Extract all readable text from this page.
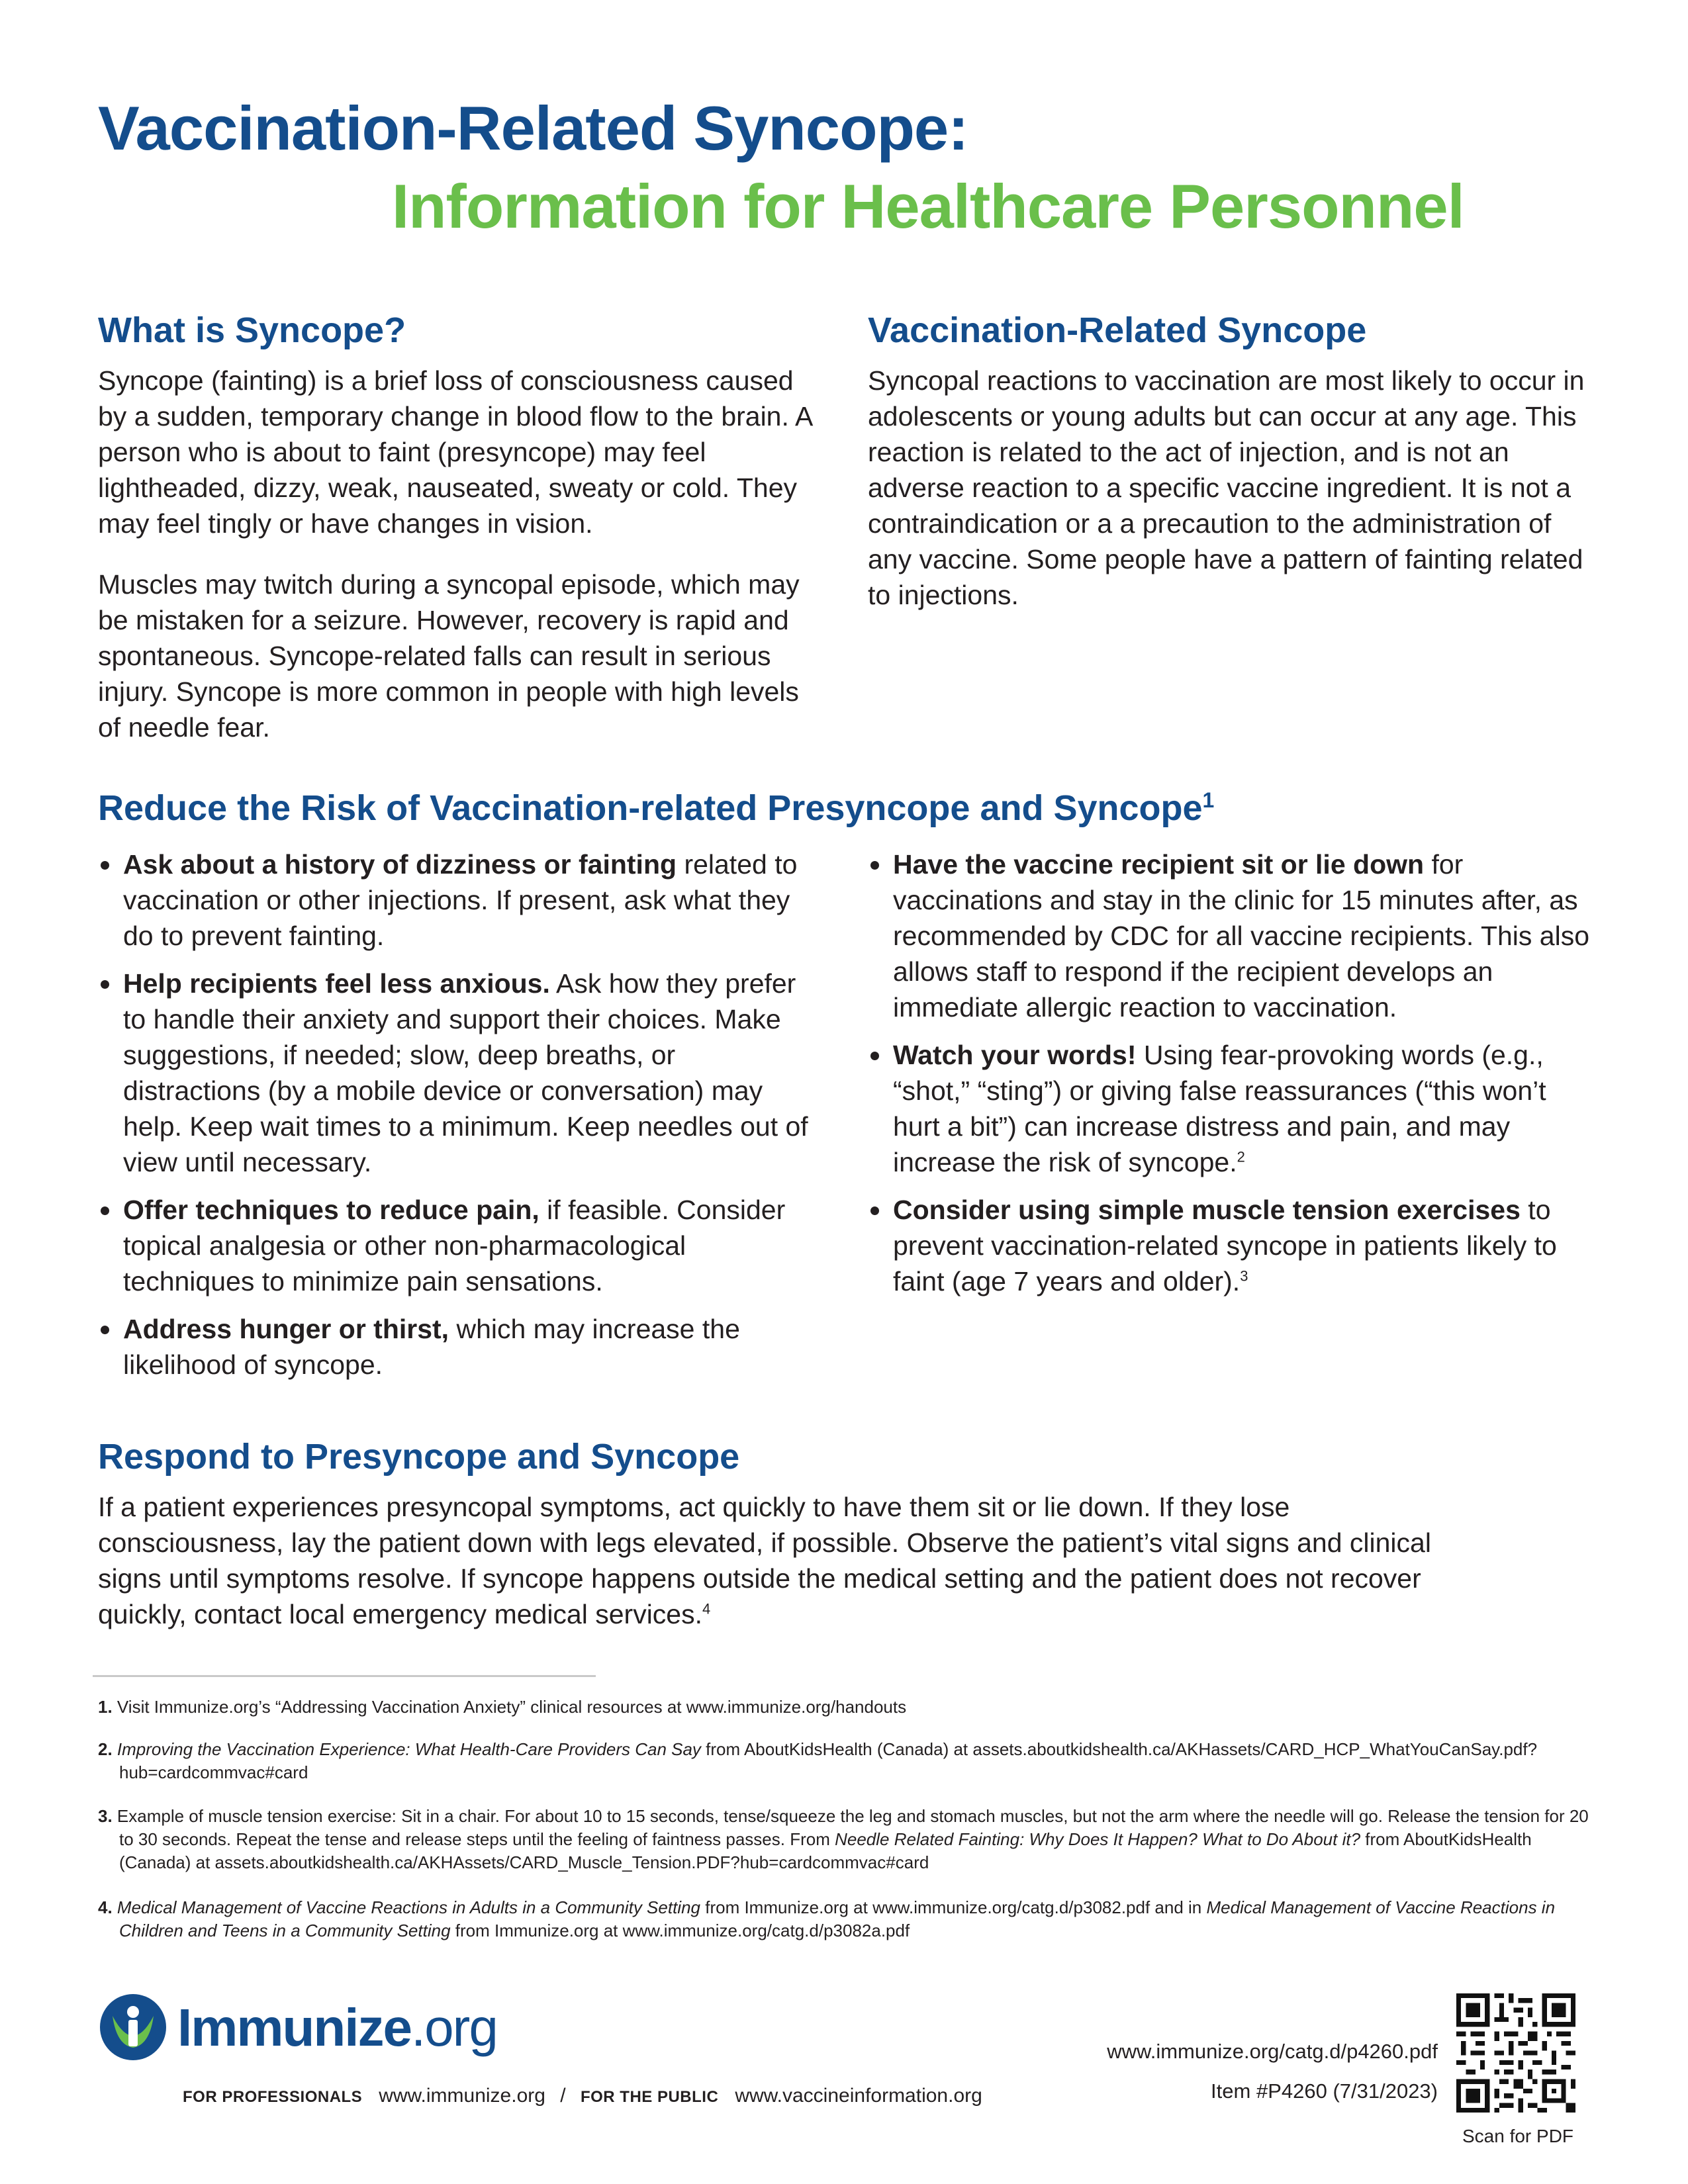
Vaccination-Related Syncope:
Information for Healthcare Personnel
What is Syncope?

Syncope (fainting) is a brief loss of consciousness caused by a sudden, temporary change in blood flow to the brain. A person who is about to faint (presyncope) may feel lightheaded, dizzy, weak, nauseated, sweaty or cold. They may feel tingly or have changes in vision.

Muscles may twitch during a syncopal episode, which may be mistaken for a seizure. However, recovery is rapid and spontaneous. Syncope-related falls can result in serious injury. Syncope is more common in people with high levels of needle fear.

Vaccination-Related Syncope

Syncopal reactions to vaccination are most likely to occur in adolescents or young adults but can occur at any age. This reaction is related to the act of injection, and is not an adverse reaction to a specific vaccine ingredient. It is not a contraindication or a a precaution to the administration of any vaccine. Some people have a pattern of fainting related to injections.

Reduce the Risk of Vaccination-related Presyncope and Syncope$^1$
Ask about a history of dizziness or fainting related to vaccination or other injections. If present, ask what they do to prevent fainting.
Help recipients feel less anxious. Ask how they prefer to handle their anxiety and support their choices. Make suggestions, if needed; slow, deep breaths, or distractions (by a mobile device or conversation) may help. Keep wait times to a minimum. Keep needles out of view until necessary.
Offer techniques to reduce pain, if feasible. Consider topical analgesia or other non-pharmacological techniques to minimize pain sensations.
Address hunger or thirst, which may increase the likelihood of syncope.
Have the vaccine recipient sit or lie down for vaccinations and stay in the clinic for 15 minutes after, as recommended by CDC for all vaccine recipients. This also allows staff to respond if the recipient develops an immediate allergic reaction to vaccination.
Watch your words! Using fear-provoking words (e.g., “shot,” “sting”) or giving false reassurances (“this won’t hurt a bit”) can increase distress and pain, and may increase the risk of syncope.$^2$
Consider using simple muscle tension exercises to prevent vaccination-related syncope in patients likely to faint (age 7 years and older).$^3$
Respond to Presyncope and Syncope

If a patient experiences presyncopal symptoms, act quickly to have them sit or lie down. If they lose consciousness, lay the patient down with legs elevated, if possible. Observe the patient’s vital signs and clinical signs until symptoms resolve. If syncope happens outside the medical setting and the patient does not recover quickly, contact local emergency medical services.$^4$

1. Visit Immunize.org’s “Addressing Vaccination Anxiety” clinical resources at www.immunize.org/handouts

2. Improving the Vaccination Experience: What Health-Care Providers Can Say from AboutKidsHealth (Canada) at assets.aboutkidshealth.ca/AKHassets/CARD_HCP_WhatYouCanSay.pdf?hub=cardcommvac#card

3. Example of muscle tension exercise: Sit in a chair. For about 10 to 15 seconds, tense/squeeze the leg and stomach muscles, but not the arm where the needle will go. Release the tension for 20 to 30 seconds. Repeat the tense and release steps until the feeling of faintness passes. From Needle Related Fainting: Why Does It Happen? What to Do About it? from AboutKidsHealth (Canada) at assets.aboutkidshealth.ca/AKHAssets/CARD_Muscle_Tension.PDF?hub=cardcommvac#card

4. Medical Management of Vaccine Reactions in Adults in a Community Setting from Immunize.org at www.immunize.org/catg.d/p3082.pdf and in Medical Management of Vaccine Reactions in Children and Teens in a Community Setting from Immunize.org at www.immunize.org/catg.d/p3082a.pdf

Immunize.org
FOR PROFESSIONALS www.immunize.org / FOR THE PUBLIC www.vaccineinformation.org
www.immunize.org/catg.d/p4260.pdf
Item #P4260 (7/31/2023)
Scan for PDF
